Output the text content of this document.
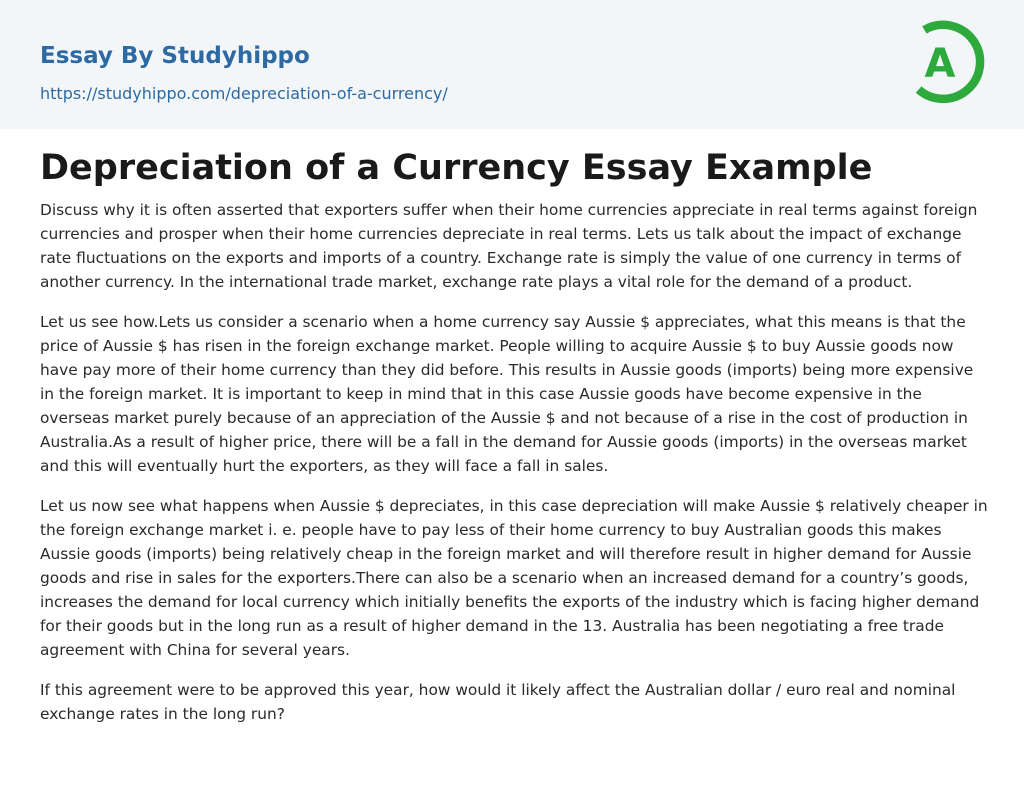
Essay By Studyhippo
https://studyhippo.com/depreciation-of-a-currency/
A
Depreciation of a Currency Essay Example

Discuss why it is often asserted that exporters suffer when their home currencies appreciate in real terms against foreign currencies and prosper when their home currencies depreciate in real terms. Lets us talk about the impact of exchange rate fluctuations on the exports and imports of a country. Exchange rate is simply the value of one currency in terms of another currency. In the international trade market, exchange rate plays a vital role for the demand of a product.

Let us see how.Lets us consider a scenario when a home currency say Aussie $ appreciates, what this means is that the price of Aussie $ has risen in the foreign exchange market. People willing to acquire Aussie $ to buy Aussie goods now have pay more of their home currency than they did before. This results in Aussie goods (imports) being more expensive in the foreign market. It is important to keep in mind that in this case Aussie goods have become expensive in the overseas market purely because of an appreciation of the Aussie $ and not because of a rise in the cost of production in Australia.As a result of higher price, there will be a fall in the demand for Aussie goods (imports) in the overseas market and this will eventually hurt the exporters, as they will face a fall in sales.

Let us now see what happens when Aussie $ depreciates, in this case depreciation will make Aussie $ relatively cheaper in the foreign exchange market i. e. people have to pay less of their home currency to buy Australian goods this makes Aussie goods (imports) being relatively cheap in the foreign market and will therefore result in higher demand for Aussie goods and rise in sales for the exporters.There can also be a scenario when an increased demand for a country’s goods, increases the demand for local currency which initially benefits the exports of the industry which is facing higher demand for their goods but in the long run as a result of higher demand in the 13. Australia has been negotiating a free trade agreement with China for several years.

If this agreement were to be approved this year, how would it likely affect the Australian dollar / euro real and nominal exchange rates in the long run?
